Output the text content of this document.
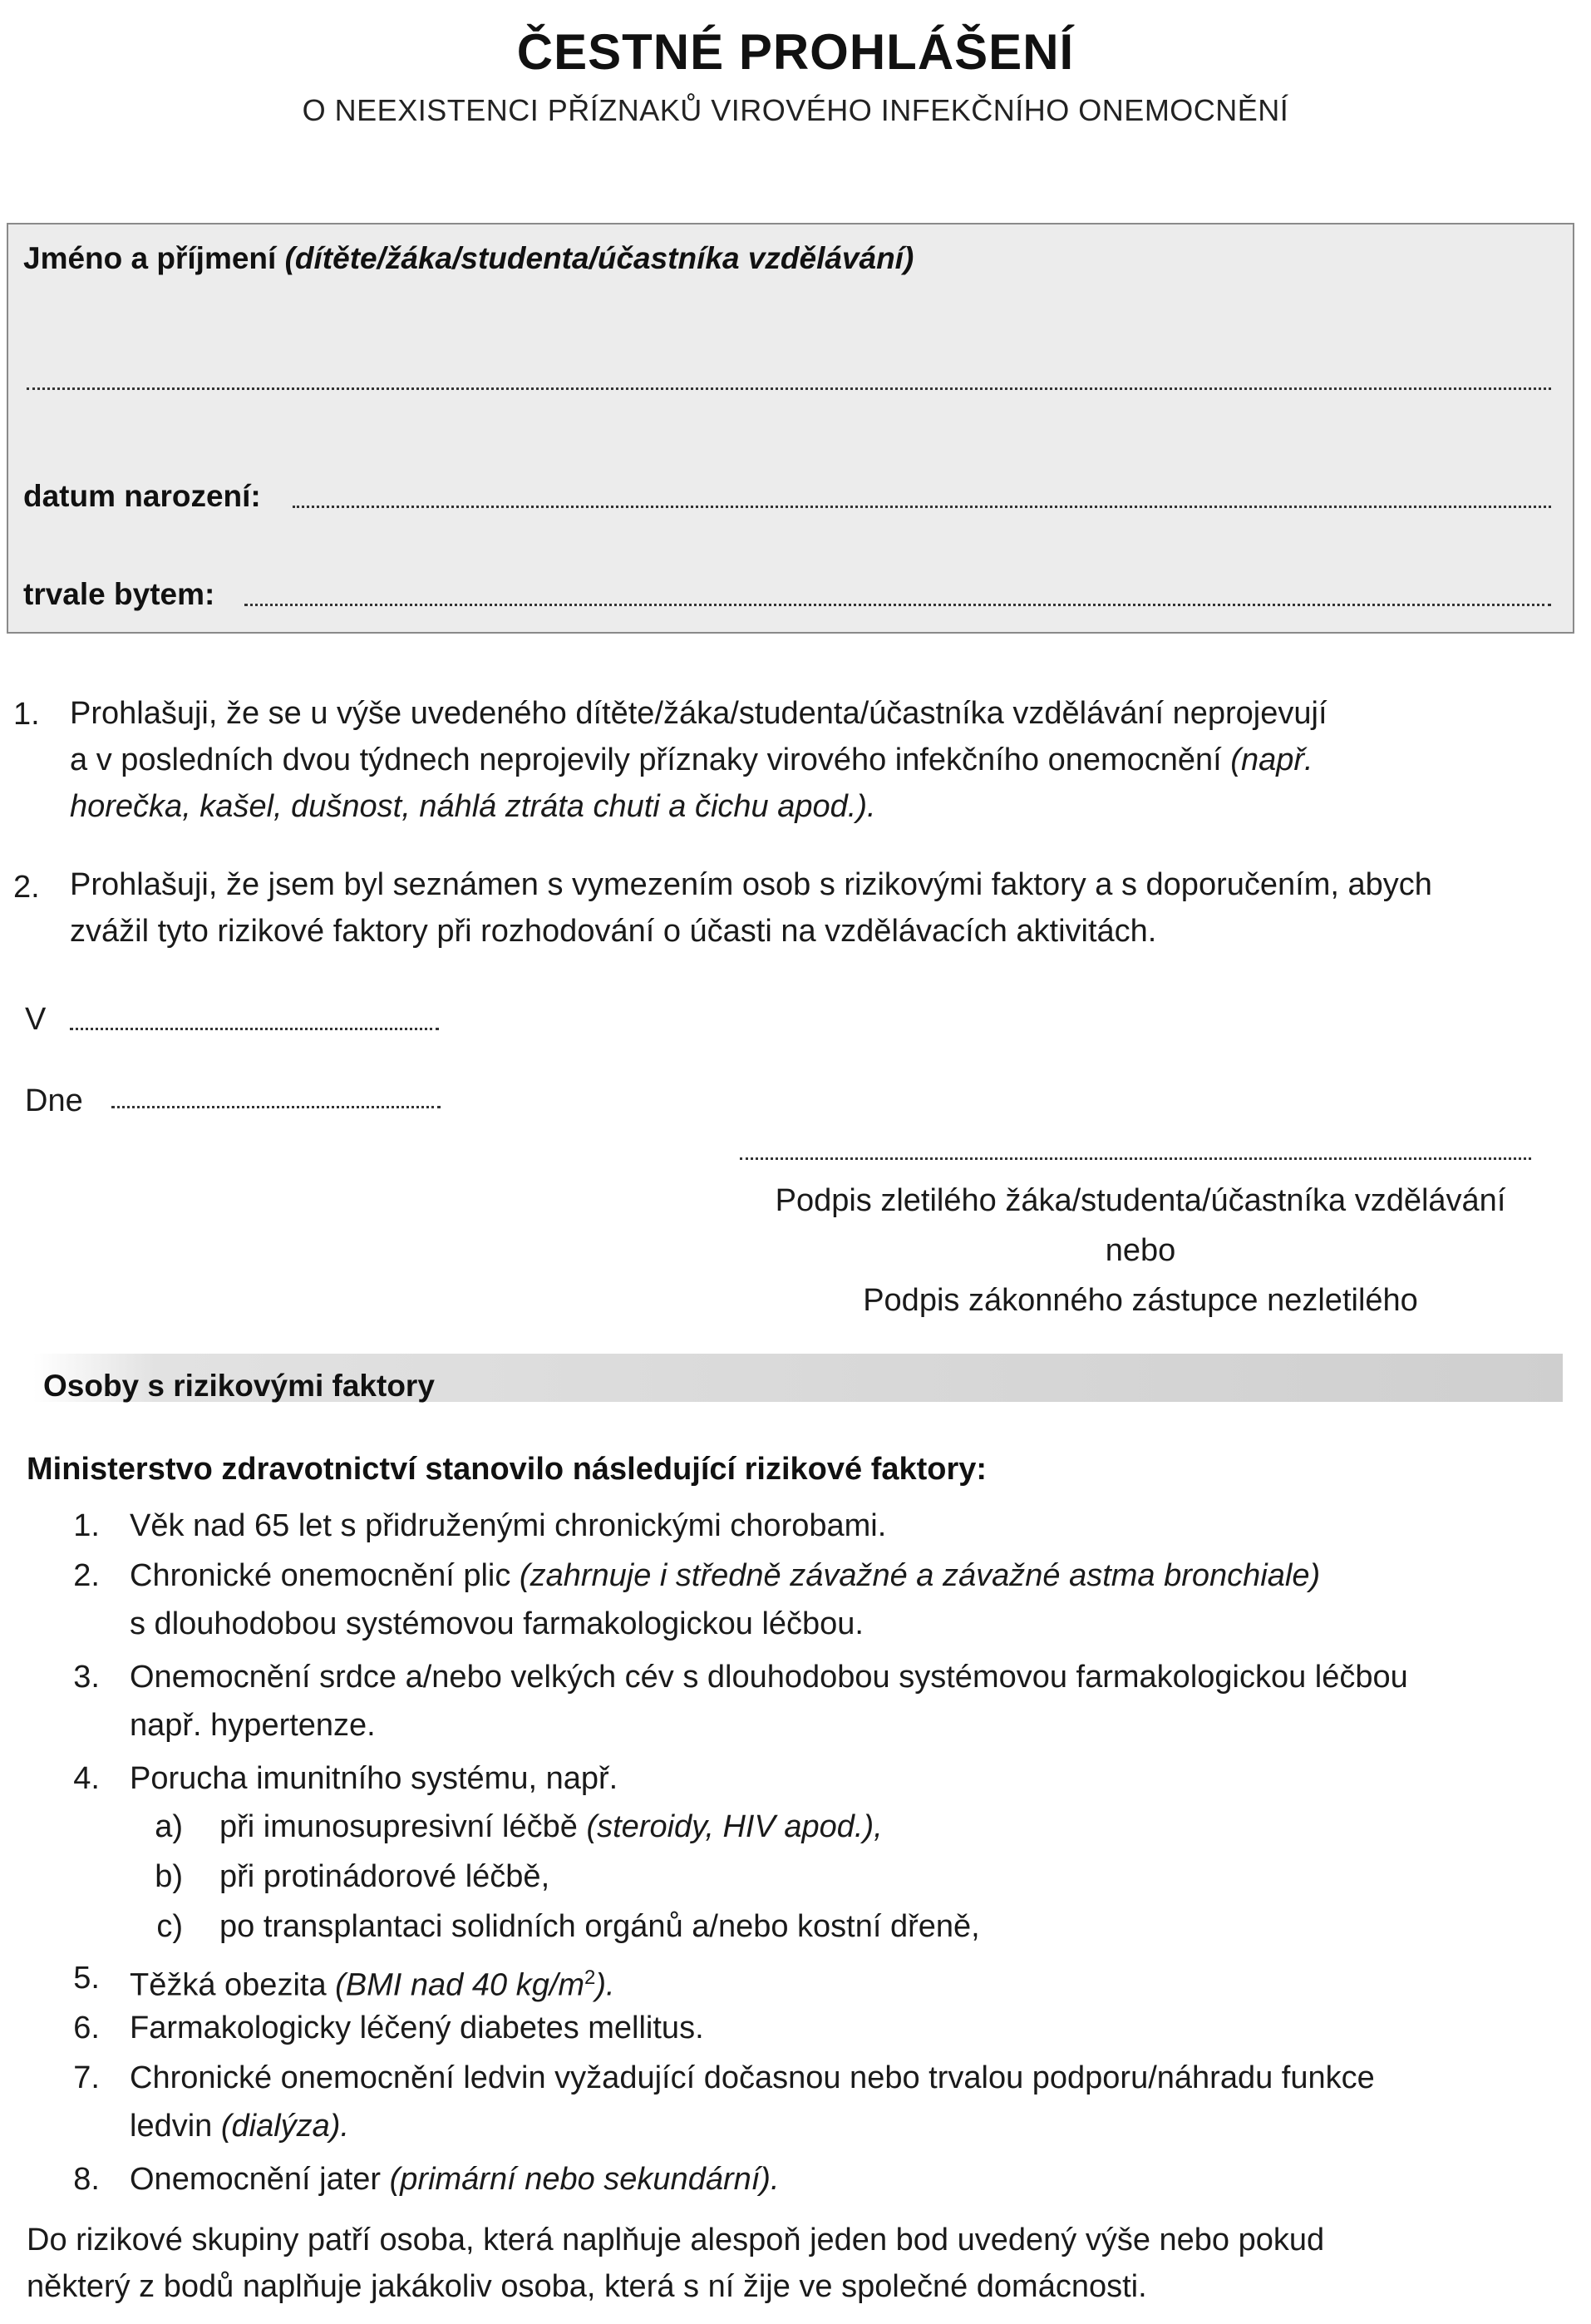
ČESTNÉ PROHLÁŠENÍ
O NEEXISTENCI PŘÍZNAKŮ VIROVÉHO INFEKČNÍHO ONEMOCNĚNÍ
Jméno a příjmení (dítěte/žáka/studenta/účastníka vzdělávání)
datum narození:
trvale bytem:
1. Prohlašuji, že se u výše uvedeného dítěte/žáka/studenta/účastníka vzdělávání neprojevují
a v posledních dvou týdnech neprojevily příznaky virového infekčního onemocnění (např.
horečka, kašel, dušnost, náhlá ztráta chuti a čichu apod.).
2. Prohlašuji, že jsem byl seznámen s vymezením osob s rizikovými faktory a s doporučením, abych
zvážil tyto rizikové faktory při rozhodování o účasti na vzdělávacích aktivitách.
V
Dne
Podpis zletilého žáka/studenta/účastníka vzdělávání
nebo
Podpis zákonného zástupce nezletilého
Osoby s rizikovými faktory
Ministerstvo zdravotnictví stanovilo následující rizikové faktory:
1. Věk nad 65 let s přidruženými chronickými chorobami.
2. Chronické onemocnění plic (zahrnuje i středně závažné a závažné astma bronchiale)
s dlouhodobou systémovou farmakologickou léčbou.
3. Onemocnění srdce a/nebo velkých cév s dlouhodobou systémovou farmakologickou léčbou
např. hypertenze.
4. Porucha imunitního systému, např.
a) při imunosupresivní léčbě (steroidy, HIV apod.),
b) při protinádorové léčbě,
c) po transplantaci solidních orgánů a/nebo kostní dřeně,
5. Těžká obezita (BMI nad 40 $kg/m^2$).
6. Farmakologicky léčený diabetes mellitus.
7. Chronické onemocnění ledvin vyžadující dočasnou nebo trvalou podporu/náhradu funkce
ledvin (dialýza).
8. Onemocnění jater (primární nebo sekundární).
Do rizikové skupiny patří osoba, která naplňuje alespoň jeden bod uvedený výše nebo pokud
některý z bodů naplňuje jakákoliv osoba, která s ní žije ve společné domácnosti.
